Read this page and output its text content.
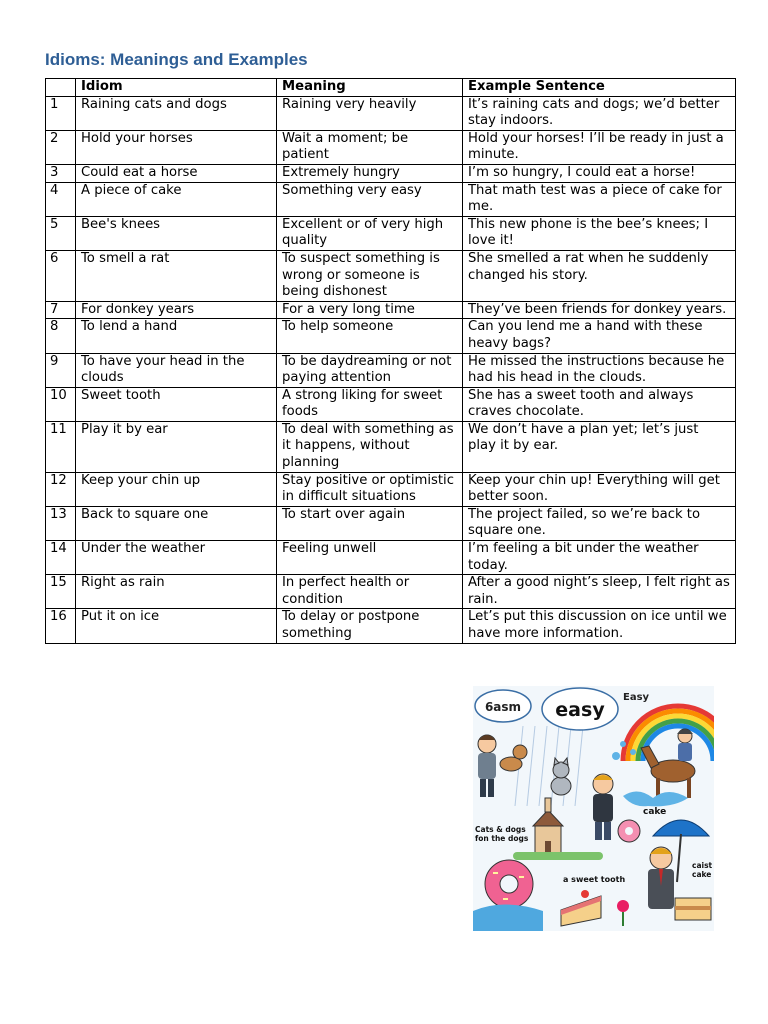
Idioms: Meanings and Examples
	Idiom	Meaning	Example Sentence
1	Raining cats and dogs	Raining very heavily	It’s raining cats and dogs; we’d better stay indoors.
2	Hold your horses	Wait a moment; be patient	Hold your horses! I’ll be ready in just a minute.
3	Could eat a horse	Extremely hungry	I’m so hungry, I could eat a horse!
4	A piece of cake	Something very easy	That math test was a piece of cake for me.
5	Bee's knees	Excellent or of very high quality	This new phone is the bee’s knees; I love it!
6	To smell a rat	To suspect something is wrong or someone is being dishonest	She smelled a rat when he suddenly changed his story.
7	For donkey years	For a very long time	They’ve been friends for donkey years.
8	To lend a hand	To help someone	Can you lend me a hand with these heavy bags?
9	To have your head in the clouds	To be daydreaming or not paying attention	He missed the instructions because he had his head in the clouds.
10	Sweet tooth	A strong liking for sweet foods	She has a sweet tooth and always craves chocolate.
11	Play it by ear	To deal with something as it happens, without planning	We don’t have a plan yet; let’s just play it by ear.
12	Keep your chin up	Stay positive or optimistic in difficult situations	Keep your chin up! Everything will get better soon.
13	Back to square one	To start over again	The project failed, so we’re back to square one.
14	Under the weather	Feeling unwell	I’m feeling a bit under the weather today.
15	Right as rain	In perfect health or condition	After a good night’s sleep, I felt right as rain.
16	Put it on ice	To delay or postpone something	Let’s put this discussion on ice until we have more information.
6asm easy
Easy
cake
Cats & dogs fon the dogs
caist cake
a sweet tooth
